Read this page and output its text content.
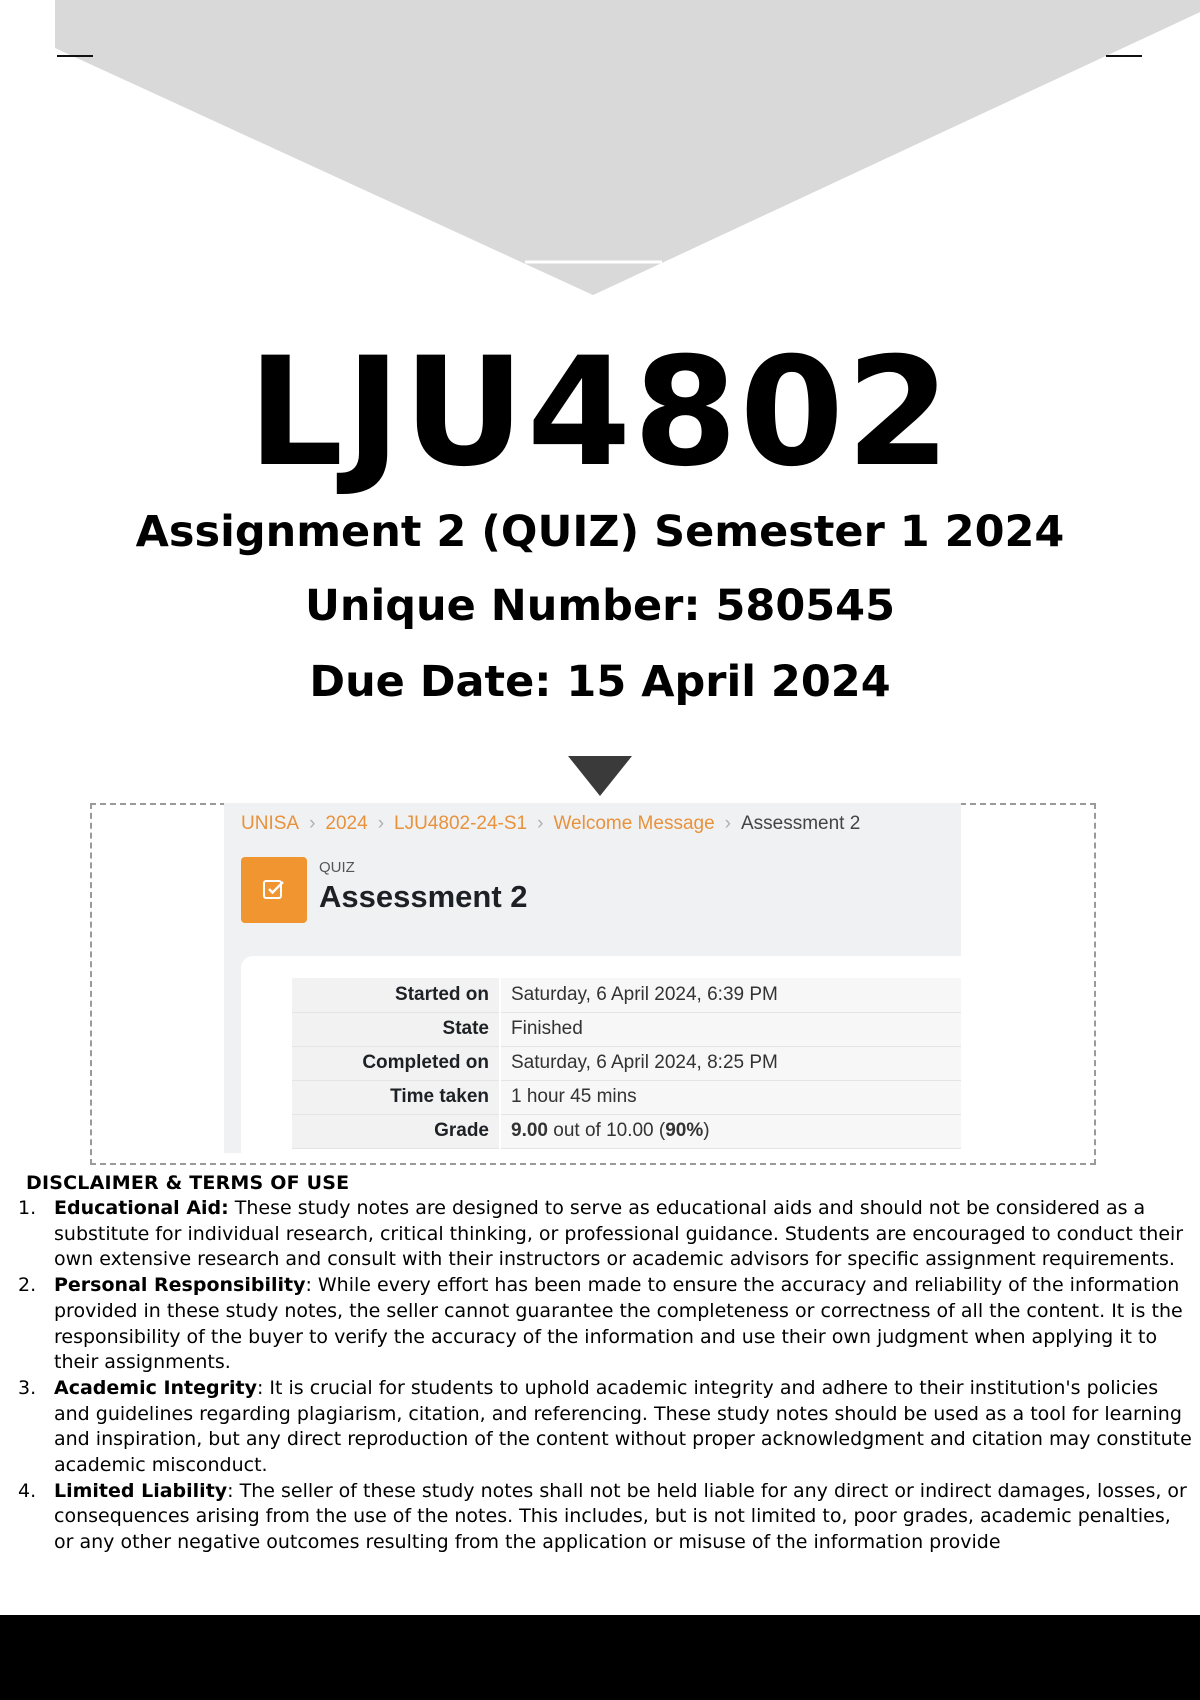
LJU4802
Assignment 2 (QUIZ) Semester 1 2024
Unique Number: 580545
Due Date: 15 April 2024
UNISA › 2024 › LJU4802-24-S1 › Welcome Message › Assessment 2
QUIZ
Assessment 2
Started on	Saturday, 6 April 2024, 6:39 PM
State	Finished
Completed on	Saturday, 6 April 2024, 8:25 PM
Time taken	1 hour 45 mins
Grade	9.00 out of 10.00 (90%)
DISCLAIMER & TERMS OF USE
1. Educational Aid: These study notes are designed to serve as educational aids and should not be considered as a substitute for individual research, critical thinking, or professional guidance. Students are encouraged to conduct their own extensive research and consult with their instructors or academic advisors for specific assignment requirements.
2. Personal Responsibility: While every effort has been made to ensure the accuracy and reliability of the information provided in these study notes, the seller cannot guarantee the completeness or correctness of all the content. It is the responsibility of the buyer to verify the accuracy of the information and use their own judgment when applying it to their assignments.
3. Academic Integrity: It is crucial for students to uphold academic integrity and adhere to their institution's policies and guidelines regarding plagiarism, citation, and referencing. These study notes should be used as a tool for learning and inspiration, but any direct reproduction of the content without proper acknowledgment and citation may constitute academic misconduct.
4. Limited Liability: The seller of these study notes shall not be held liable for any direct or indirect damages, losses, or consequences arising from the use of the notes. This includes, but is not limited to, poor grades, academic penalties, or any other negative outcomes resulting from the application or misuse of the information provide
